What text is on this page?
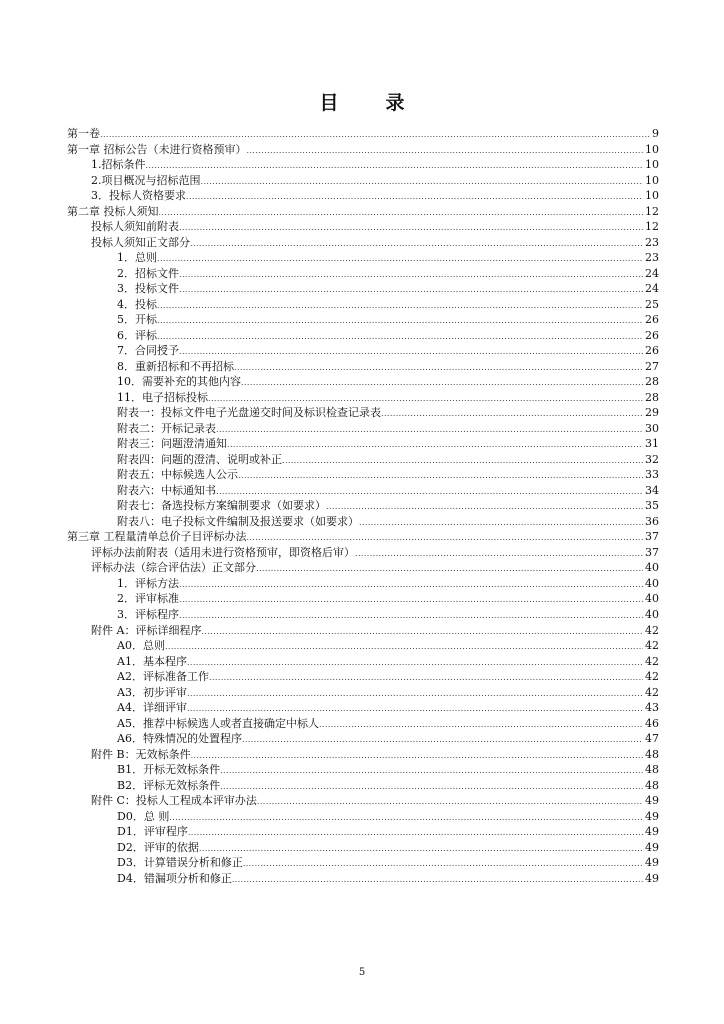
目　录
第一卷 .....	9
第一章 招标公告（未进行资格预审） .....	10
1.招标条件 .....	10
2.项目概况与招标范围 .....	10
3．投标人资格要求 .....	10
第二章 投标人须知 .....	12
投标人须知前附表 .....	12
投标人须知正文部分 .....	23
1．总则 .....	23
2．招标文件 .....	24
3．投标文件 .....	24
4．投标 .....	25
5．开标 .....	26
6．评标 .....	26
7．合同授予 .....	26
8．重新招标和不再招标 .....	27
10．需要补充的其他内容 .....	28
11．电子招标投标 .....	28
附表一：投标文件电子光盘递交时间及标识检查记录表 .....	29
附表二：开标记录表 .....	30
附表三：问题澄清通知 .....	31
附表四：问题的澄清、说明或补正 .....	32
附表五：中标候选人公示 .....	33
附表六：中标通知书 .....	34
附表七：备选投标方案编制要求（如要求） .....	35
附表八：电子投标文件编制及报送要求（如要求） .....	36
第三章 工程量清单总价子目评标办法 .....	37
评标办法前附表（适用未进行资格预审，即资格后审） .....	37
评标办法（综合评估法）正文部分 .....	40
1．评标方法 .....	40
2．评审标准 .....	40
3．评标程序 .....	40
附件 A：评标详细程序 .....	42
A0．总则 .....	42
A1．基本程序 .....	42
A2．评标准备工作 .....	42
A3．初步评审 .....	42
A4．详细评审 .....	43
A5．推荐中标候选人或者直接确定中标人 .....	46
A6．特殊情况的处置程序 .....	47
附件 B：无效标条件 .....	48
B1．开标无效标条件 .....	48
B2．评标无效标条件 .....	48
附件 C：投标人工程成本评审办法 .....	49
D0．总 则 .....	49
D1．评审程序 .....	49
D2．评审的依据 .....	49
D3．计算错误分析和修正 .....	49
D4．错漏项分析和修正 .....	49
5
